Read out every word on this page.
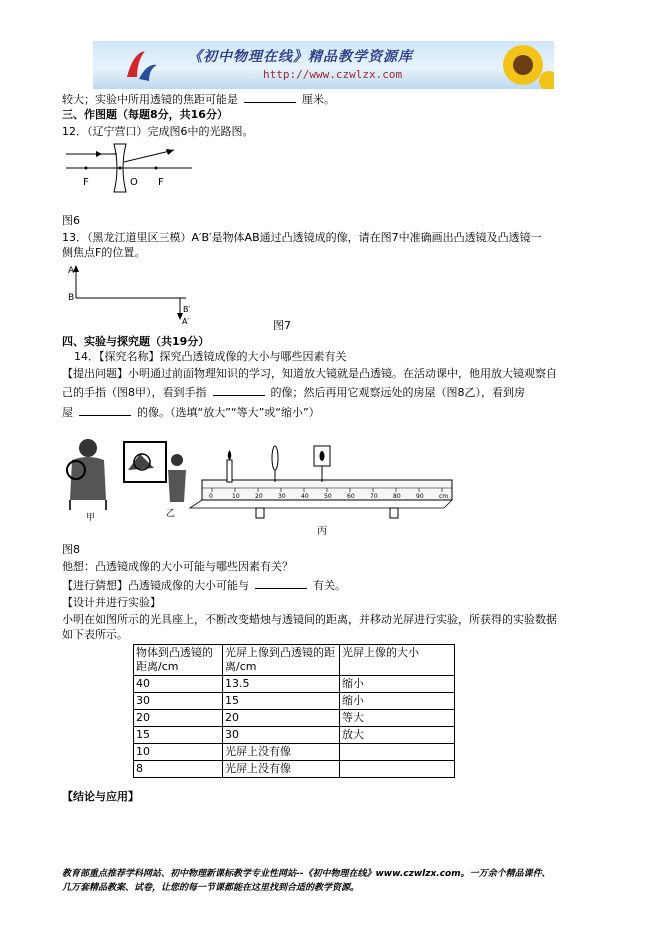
《初中物理在线》精品教学资源库
http://www.czwlzx.com
较大；实验中所用透镜的焦距可能是	厘米。
三、作图题（每题8分，共16分）
12．（辽宁营口）完成图6中的光路图。
F	O F
图6
13．（黑龙江道里区三模）A′B′是物体AB通过凸透镜成的像，请在图7中准确画出凸透镜及凸透镜一
侧焦点F的位置。
A
B
B′
A′	图7
四、实验与探究题（共19分）
14．【探究名称】探究凸透镜成像的大小与哪些因素有关
【提出问题】小明通过前面物理知识的学习，知道放大镜就是凸透镜。在活动课中，他用放大镜观察自
己的手指（图8甲），看到手指	的像；然后再用它观察远处的房屋（图8乙），看到房
屋	的像。（选填“放大”“等大”或“缩小”）
甲	乙
0	10	20	30	40	50	60	70	80	90	cm
丙
图8
他想：凸透镜成像的大小可能与哪些因素有关？
【进行猜想】凸透镜成像的大小可能与	有关。
【设计并进行实验】
小明在如图所示的光具座上，不断改变蜡烛与透镜间的距离，并移动光屏进行实验，所获得的实验数据
如下表所示。
物体到凸透镜的距离/cm	光屏上像到凸透镜的距离/cm	光屏上像的大小
40	13.5	缩小
30	15	缩小
20	20	等大
15	30	放大
10	光屏上没有像	
8	光屏上没有像	
【结论与应用】
教育部重点推荐学科网站、初中物理新课标教学专业性网站--《初中物理在线》www.czwlzx.com。一万余个精品课件、
几万套精品教案、试卷，让您的每一节课都能在这里找到合适的教学资源。
